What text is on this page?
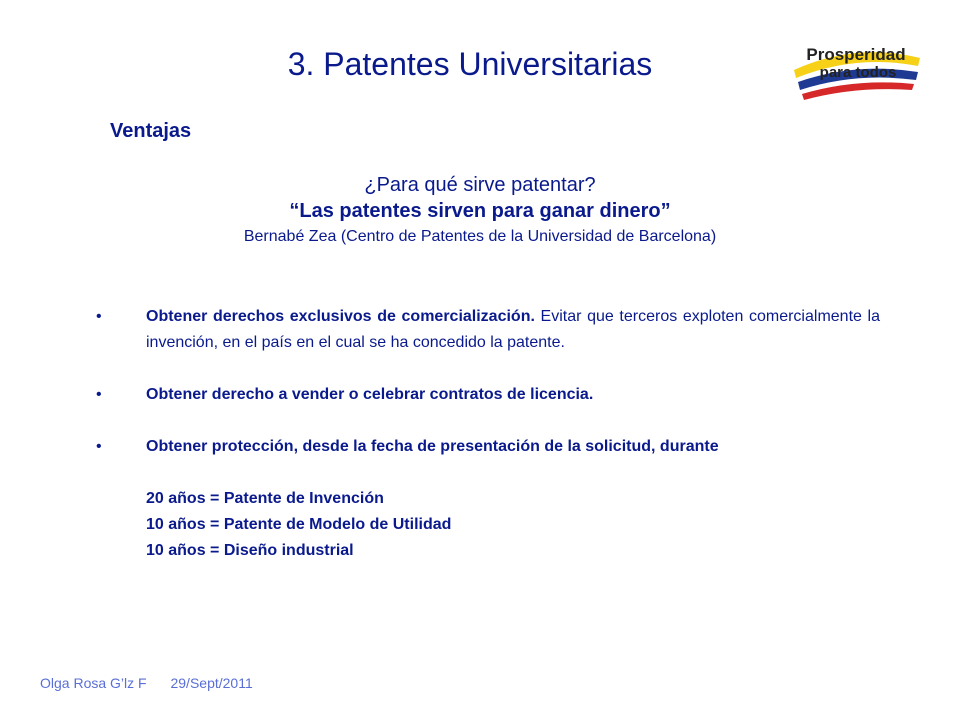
3. Patentes Universitarias	Prosperidad
para todos
Ventajas
¿Para qué sirve patentar?
“Las patentes sirven para ganar dinero”
Bernabé Zea (Centro de Patentes de la Universidad de Barcelona)
•	Obtener derechos exclusivos de comercialización. Evitar que terceros exploten comercialmente la invención, en el país en el cual se ha concedido la patente.
•	Obtener derecho a vender o celebrar contratos de licencia.
•	Obtener protección, desde la fecha de presentación de la solicitud, durante
20 años = Patente de Invención
10 años = Patente de Modelo de Utilidad
10 años = Diseño industrial
Olga Rosa G’lz F 29/Sept/2011
